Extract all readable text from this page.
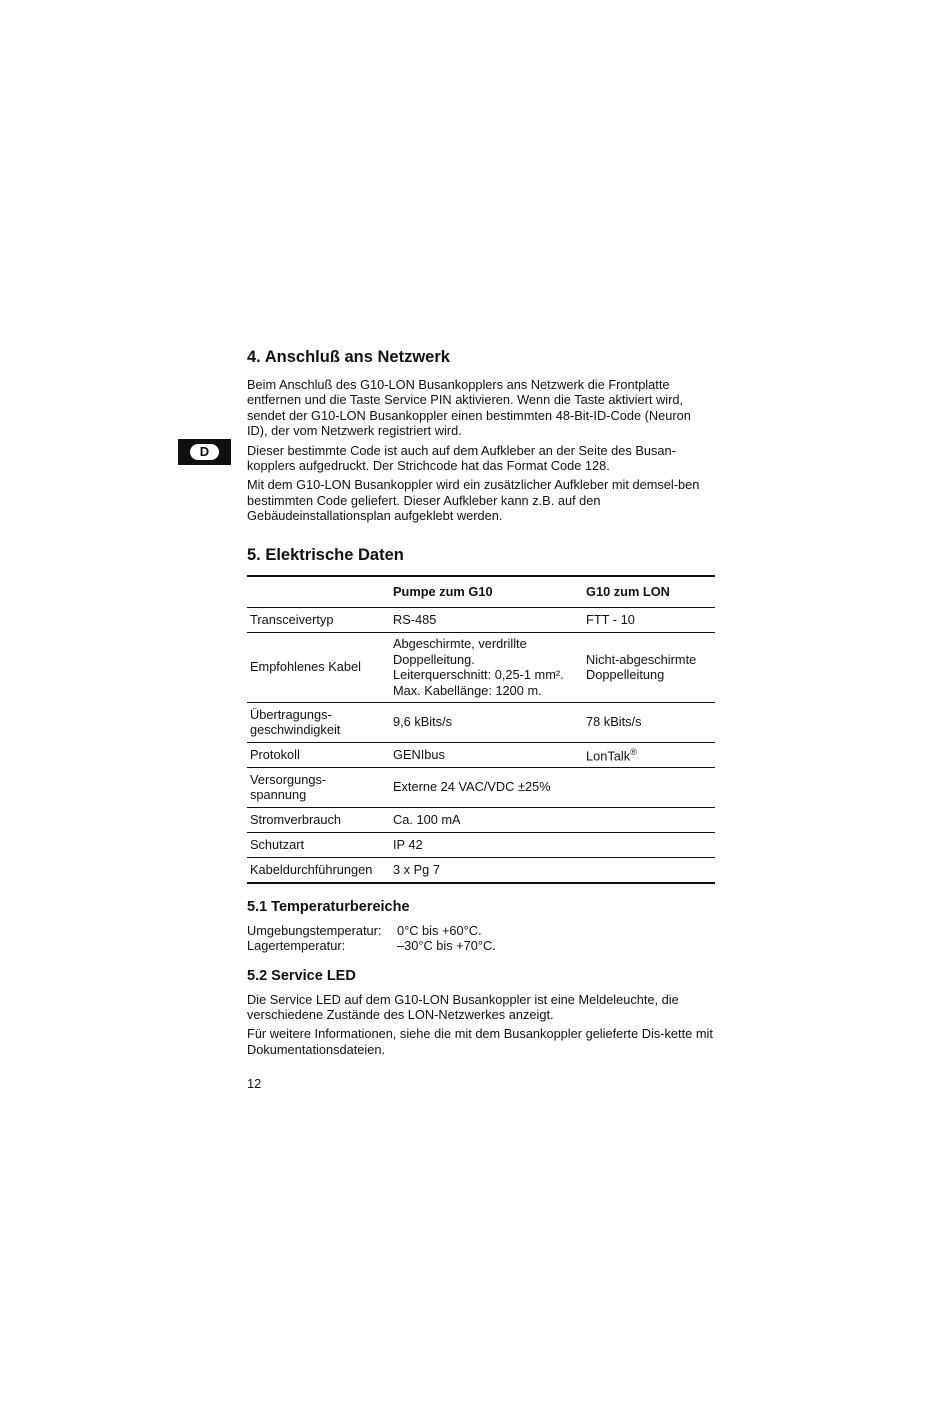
D
4. Anschluß ans Netzwerk

Beim Anschluß des G10-LON Busankopplers ans Netzwerk die Frontplatte entfernen und die Taste Service PIN aktivieren. Wenn die Taste aktiviert wird, sendet der G10-LON Busankoppler einen bestimmten 48-Bit-ID-Code (Neuron ID), der vom Netzwerk registriert wird.

Dieser bestimmte Code ist auch auf dem Aufkleber an der Seite des Busan-kopplers aufgedruckt. Der Strichcode hat das Format Code 128.

Mit dem G10-LON Busankoppler wird ein zusätzlicher Aufkleber mit demsel-ben bestimmten Code geliefert. Dieser Aufkleber kann z.B. auf den Gebäudeinstallationsplan aufgeklebt werden.

5. Elektrische Daten
	Pumpe zum G10	G10 zum LON
Transceivertyp	RS-485	FTT - 10
Empfohlenes Kabel	Abgeschirmte, verdrillte
Doppelleitung.
Leiterquerschnitt: 0,25-1 mm².
Max. Kabellänge: 1200 m.	Nicht-abgeschirmte
Doppelleitung
Übertragungs-
geschwindigkeit	9,6 kBits/s	78 kBits/s
Protokoll	GENIbus	LonTalk®
Versorgungs-
spannung	Externe 24 VAC/VDC ±25%	
Stromverbrauch	Ca. 100 mA	
Schutzart	IP 42	
Kabeldurchführungen	3 x Pg 7	
5.1 Temperaturbereiche
Umgebungstemperatur:	0°C bis +60°C.
Lagertemperatur:	–30°C bis +70°C.
5.2 Service LED

Die Service LED auf dem G10-LON Busankoppler ist eine Meldeleuchte, die verschiedene Zustände des LON-Netzwerkes anzeigt.

Für weitere Informationen, siehe die mit dem Busankoppler gelieferte Dis-kette mit Dokumentationsdateien.

12
